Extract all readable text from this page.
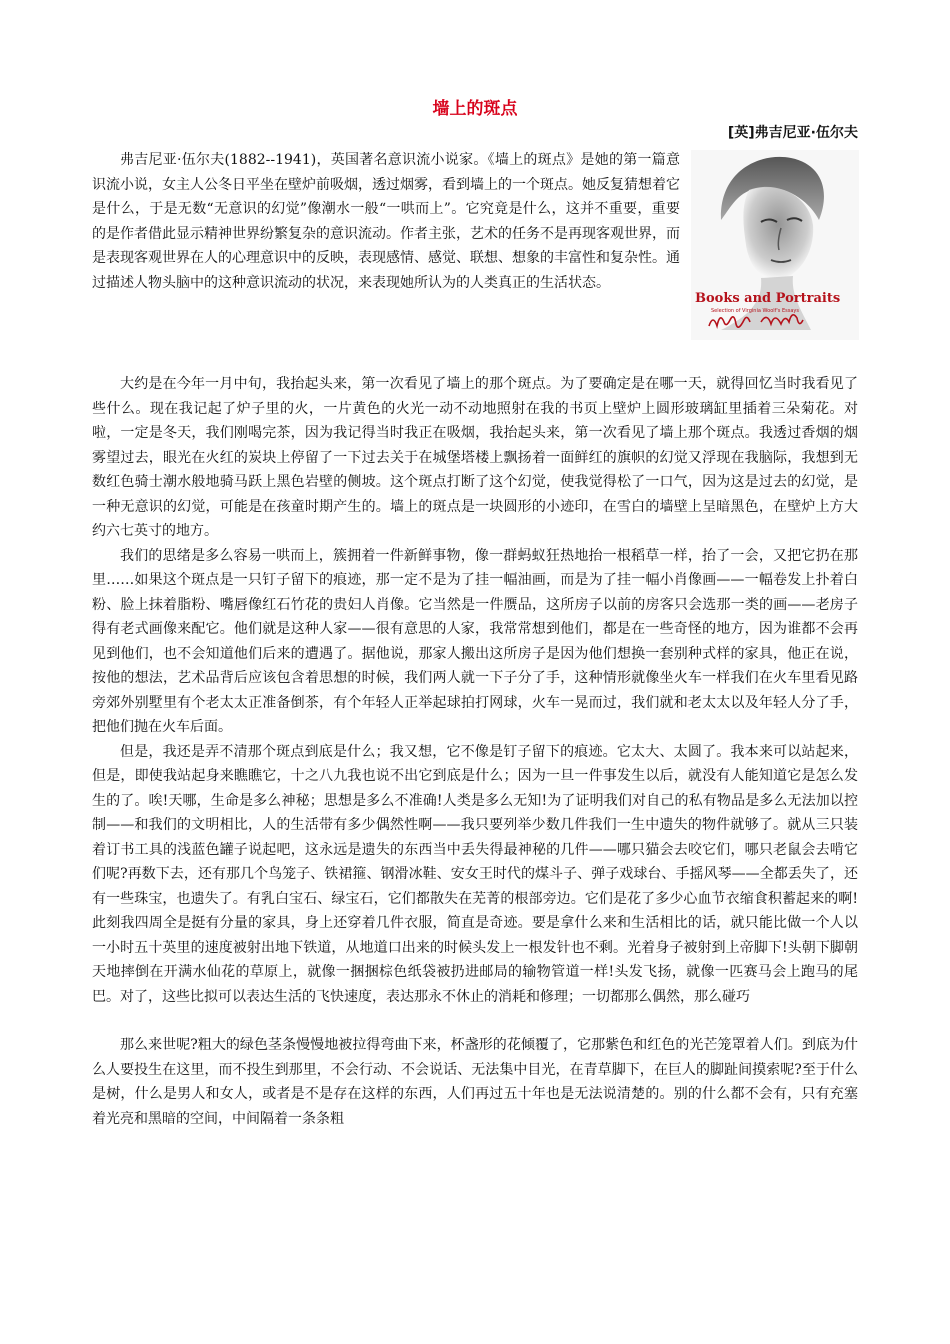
墙上的斑点
[英]弗吉尼亚·伍尔夫

弗吉尼亚·伍尔夫(1882--1941)，英国著名意识流小说家。《墙上的斑点》是她的第一篇意识流小说，女主人公冬日平坐在壁炉前吸烟，透过烟雾，看到墙上的一个斑点。她反复猜想着它是什么，于是无数“无意识的幻觉”像潮水一般“一哄而上”。它究竟是什么，这并不重要，重要的是作者借此显示精神世界纷繁复杂的意识流动。作者主张，艺术的任务不是再现客观世界，而是表现客观世界在人的心理意识中的反映，表现感情、感觉、联想、想象的丰富性和复杂性。通过描述人物头脑中的这种意识流动的状况，来表现她所认为的人类真正的生活状态。

Books and Portraits
Selection of Virginia Woolf's Essays

大约是在今年一月中旬，我抬起头来，第一次看见了墙上的那个斑点。为了要确定是在哪一天，就得回忆当时我看见了些什么。现在我记起了炉子里的火，一片黄色的火光一动不动地照射在我的书页上壁炉上圆形玻璃缸里插着三朵菊花。对啦，一定是冬天，我们刚喝完茶，因为我记得当时我正在吸烟，我抬起头来，第一次看见了墙上那个斑点。我透过香烟的烟雾望过去，眼光在火红的炭块上停留了一下过去关于在城堡塔楼上飘扬着一面鲜红的旗帜的幻觉又浮现在我脑际，我想到无数红色骑士潮水般地骑马跃上黑色岩壁的侧坡。这个斑点打断了这个幻觉，使我觉得松了一口气，因为这是过去的幻觉，是一种无意识的幻觉，可能是在孩童时期产生的。墙上的斑点是一块圆形的小迹印，在雪白的墙壁上呈暗黑色，在壁炉上方大约六七英寸的地方。

我们的思绪是多么容易一哄而上，簇拥着一件新鲜事物，像一群蚂蚁狂热地抬一根稻草一样，抬了一会，又把它扔在那里……如果这个斑点是一只钉子留下的痕迹，那一定不是为了挂一幅油画，而是为了挂一幅小肖像画——一幅卷发上扑着白粉、脸上抹着脂粉、嘴唇像红石竹花的贵妇人肖像。它当然是一件赝品，这所房子以前的房客只会选那一类的画——老房子得有老式画像来配它。他们就是这种人家——很有意思的人家，我常常想到他们，都是在一些奇怪的地方，因为谁都不会再见到他们，也不会知道他们后来的遭遇了。据他说，那家人搬出这所房子是因为他们想换一套别种式样的家具，他正在说，按他的想法，艺术品背后应该包含着思想的时候，我们两人就一下子分了手，这种情形就像坐火车一样我们在火车里看见路旁郊外别墅里有个老太太正准备倒茶，有个年轻人正举起球拍打网球，火车一晃而过，我们就和老太太以及年轻人分了手，把他们抛在火车后面。

但是，我还是弄不清那个斑点到底是什么；我又想，它不像是钉子留下的痕迹。它太大、太圆了。我本来可以站起来，但是，即使我站起身来瞧瞧它，十之八九我也说不出它到底是什么；因为一旦一件事发生以后，就没有人能知道它是怎么发生的了。唉!天哪，生命是多么神秘；思想是多么不准确!人类是多么无知!为了证明我们对自己的私有物品是多么无法加以控制——和我们的文明相比，人的生活带有多少偶然性啊——我只要列举少数几件我们一生中遗失的物件就够了。就从三只装着订书工具的浅蓝色罐子说起吧，这永远是遗失的东西当中丢失得最神秘的几件——哪只猫会去咬它们，哪只老鼠会去啃它们呢?再数下去，还有那几个鸟笼子、铁裙箍、钢滑冰鞋、安女王时代的煤斗子、弹子戏球台、手摇风琴——全都丢失了，还有一些珠宝，也遗失了。有乳白宝石、绿宝石，它们都散失在芜菁的根部旁边。它们是花了多少心血节衣缩食积蓄起来的啊!此刻我四周全是挺有分量的家具，身上还穿着几件衣服，简直是奇迹。要是拿什么来和生活相比的话，就只能比做一个人以一小时五十英里的速度被射出地下铁道，从地道口出来的时候头发上一根发针也不剩。光着身子被射到上帝脚下!头朝下脚朝天地摔倒在开满水仙花的草原上，就像一捆捆棕色纸袋被扔进邮局的输物管道一样!头发飞扬，就像一匹赛马会上跑马的尾巴。对了，这些比拟可以表达生活的飞快速度，表达那永不休止的消耗和修理；一切都那么偶然，那么碰巧

那么来世呢?粗大的绿色茎条慢慢地被拉得弯曲下来，杯盏形的花倾覆了，它那紫色和红色的光芒笼罩着人们。到底为什么人要投生在这里，而不投生到那里，不会行动、不会说话、无法集中目光，在青草脚下，在巨人的脚趾间摸索呢?至于什么是树，什么是男人和女人，或者是不是存在这样的东西，人们再过五十年也是无法说清楚的。别的什么都不会有，只有充塞着光亮和黑暗的空间，中间隔着一条条粗
